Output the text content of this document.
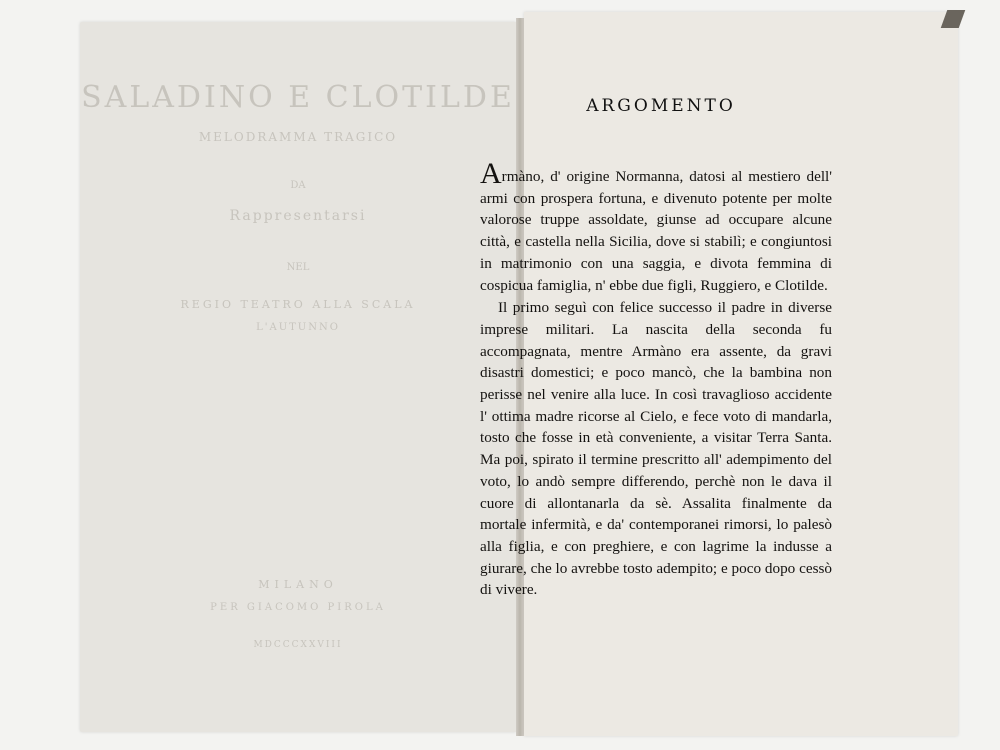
SALADINO E CLOTILDE
MELODRAMMA TRAGICO
DA
Rappresentarsi
NEL
REGIO TEATRO ALLA SCALA
L'AUTUNNO
MILANO
PER GIACOMO PIROLA
MDCCCXXVIII
ARGOMENTO

Armàno, d' origine Normanna, datosi al mestiero dell' armi con prospera fortuna, e divenuto potente per molte valorose truppe assoldate, giunse ad occupare alcune città, e castella nella Sicilia, dove si stabilì; e congiuntosi in matrimonio con una saggia, e divota femmina di cospicua famiglia, n' ebbe due figli, Ruggiero, e Clotilde.

Il primo seguì con felice successo il padre in diverse imprese militari. La nascita della seconda fu accompagnata, mentre Armàno era assente, da gravi disastri domestici; e poco mancò, che la bambina non perisse nel venire alla luce. In così travaglioso accidente l' ottima madre ricorse al Cielo, e fece voto di mandarla, tosto che fosse in età conveniente, a visitar Terra Santa. Ma poi, spirato il termine prescritto all' adempimento del voto, lo andò sempre differendo, perchè non le dava il cuore di allontanarla da sè. Assalita finalmente da mortale infermità, e da' contemporanei rimorsi, lo palesò alla figlia, e con preghiere, e con lagrime la indusse a giurare, che lo avrebbe tosto adempito; e poco dopo cessò di vivere.
